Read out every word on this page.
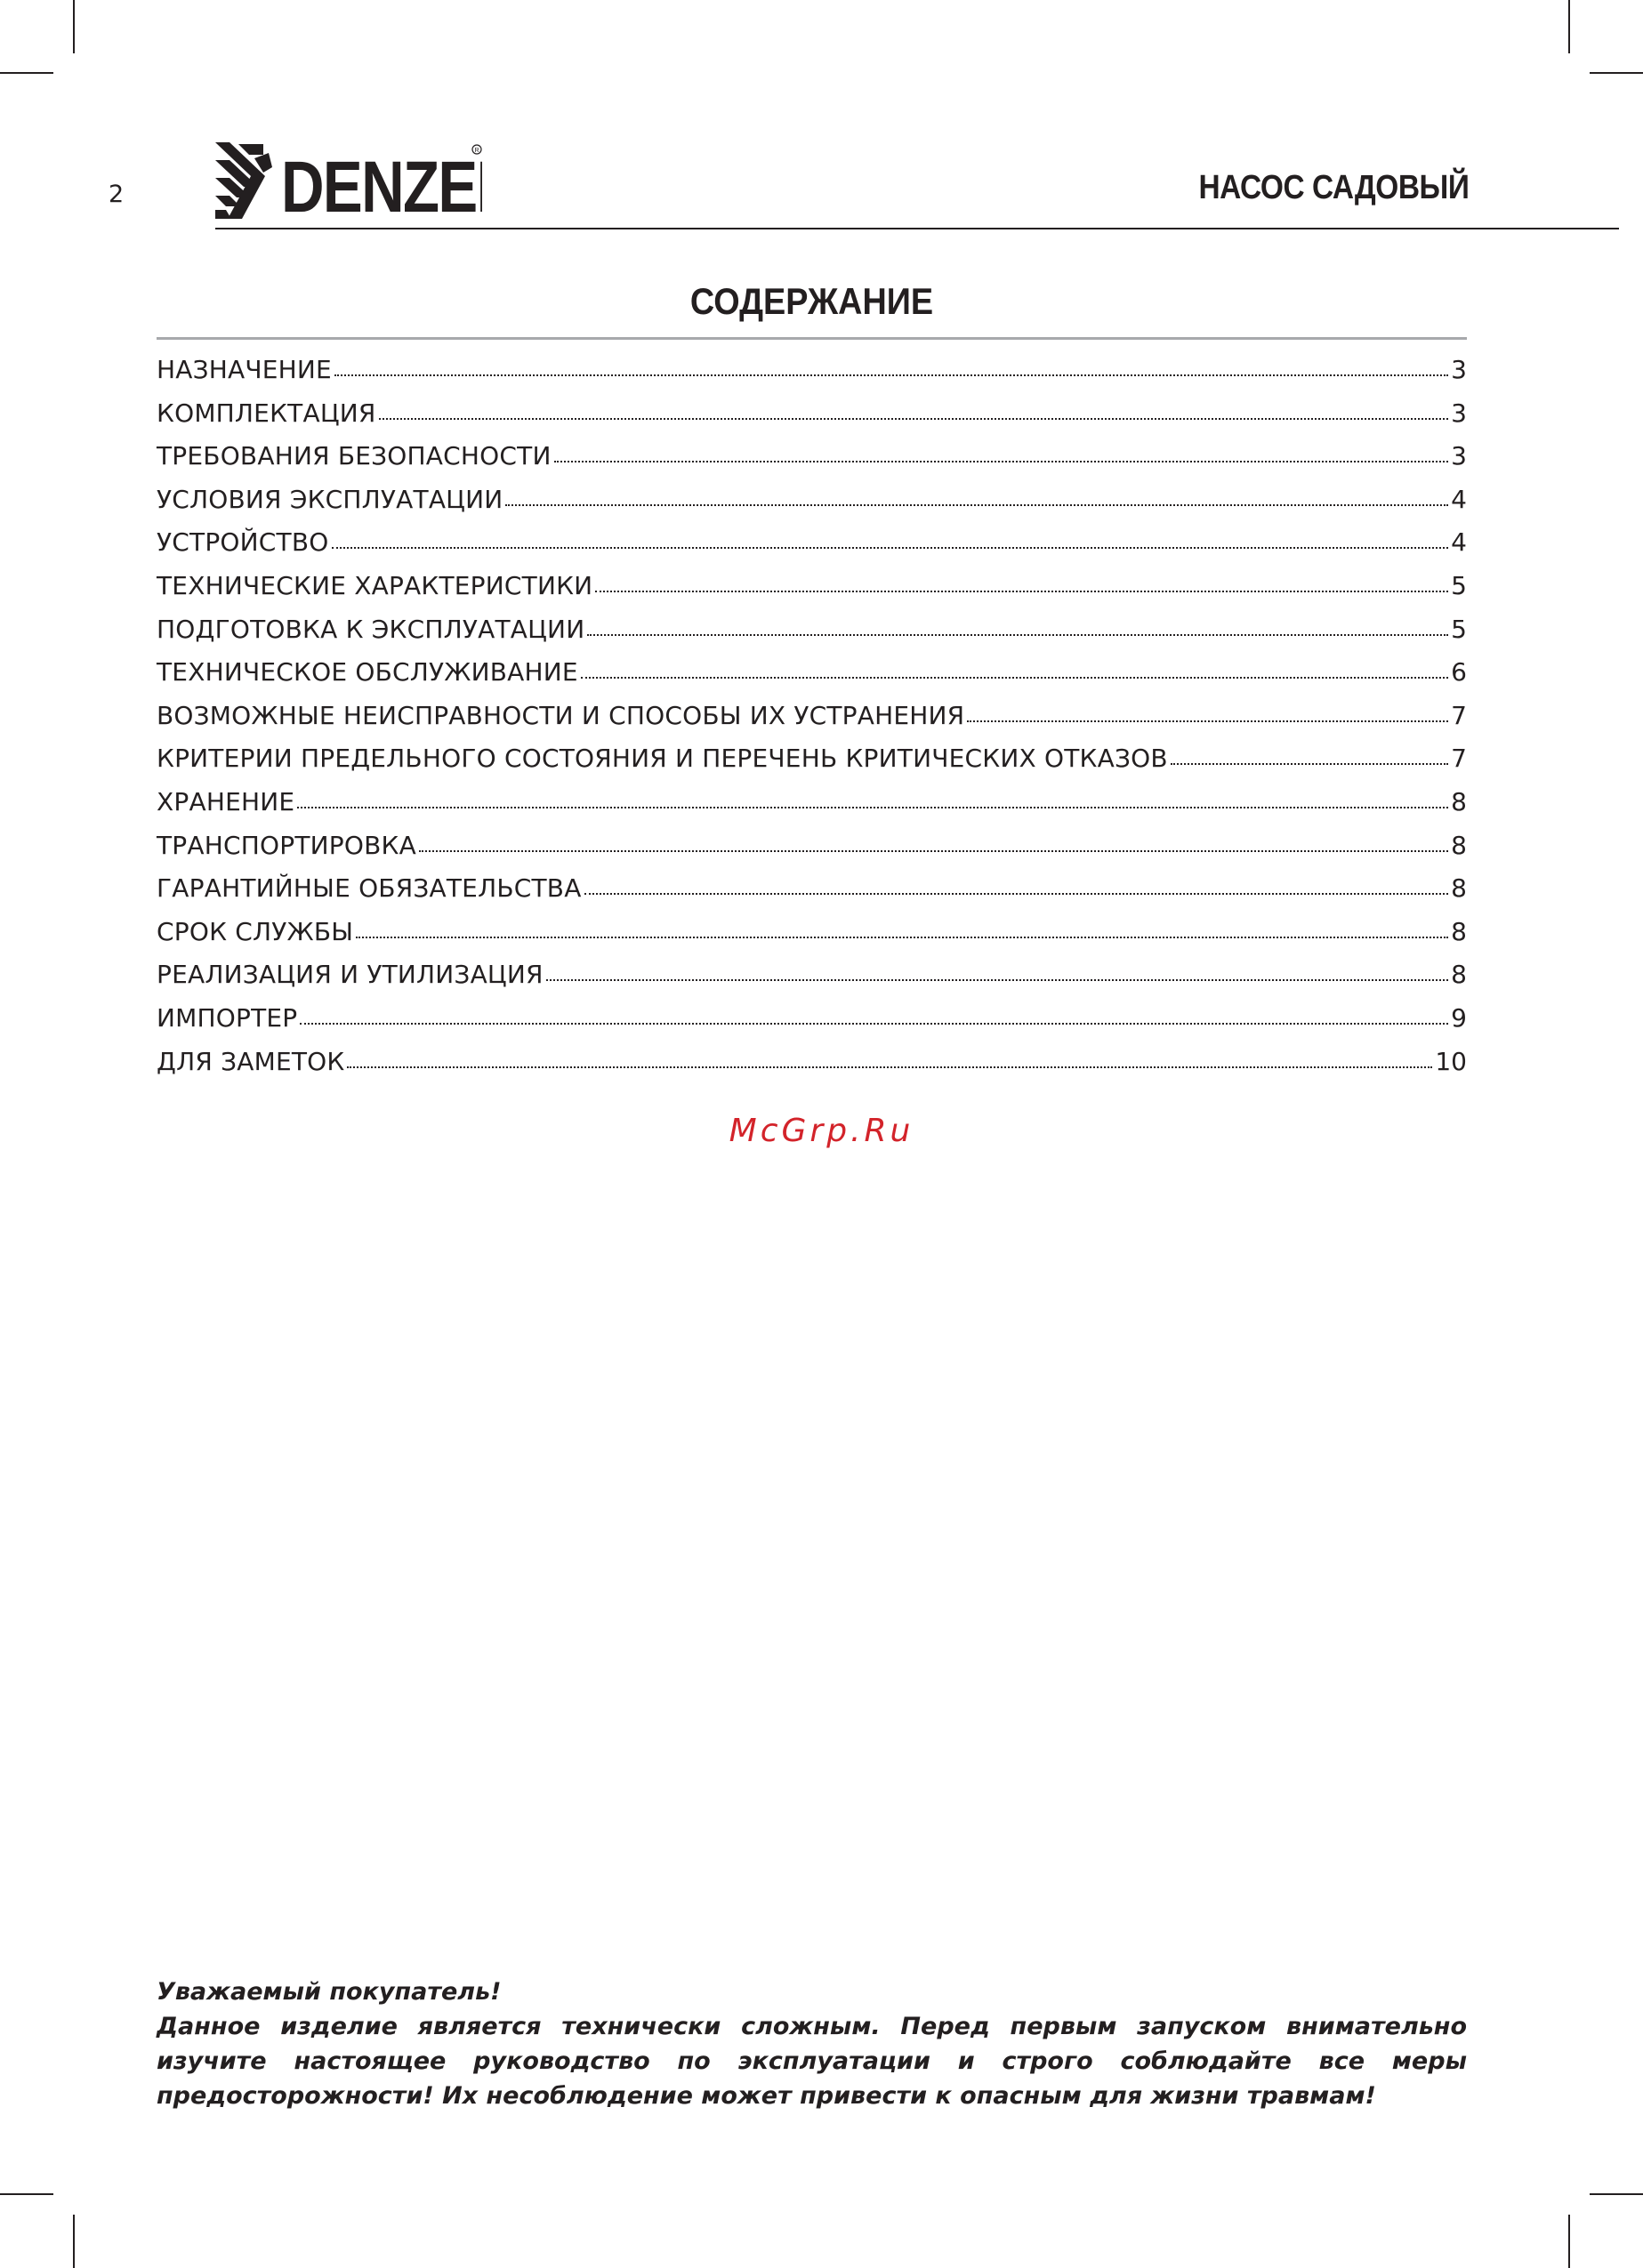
2 DENZE
R
НАСОС САДОВЫЙ
СОДЕРЖАНИЕ
НАЗНАЧЕНИЕ	3
КОМПЛЕКТАЦИЯ	3
ТРЕБОВАНИЯ БЕЗОПАСНОСТИ	3
УСЛОВИЯ ЭКСПЛУАТАЦИИ	4
УСТРОЙСТВО	4
ТЕХНИЧЕСКИЕ ХАРАКТЕРИСТИКИ	5
ПОДГОТОВКА К ЭКСПЛУАТАЦИИ	5
ТЕХНИЧЕСКОЕ ОБСЛУЖИВАНИЕ	6
ВОЗМОЖНЫЕ НЕИСПРАВНОСТИ И СПОСОБЫ ИХ УСТРАНЕНИЯ	7
КРИТЕРИИ ПРЕДЕЛЬНОГО СОСТОЯНИЯ И ПЕРЕЧЕНЬ КРИТИЧЕСКИХ ОТКАЗОВ	7
ХРАНЕНИЕ	8
ТРАНСПОРТИРОВКА	8
ГАРАНТИЙНЫЕ ОБЯЗАТЕЛЬСТВА	8
СРОК СЛУЖБЫ	8
РЕАЛИЗАЦИЯ И УТИЛИЗАЦИЯ	8
ИМПОРТЕР	9
ДЛЯ ЗАМЕТОК	10
McGrp.Ru

Уважаемый покупатель!

Данное изделие является технически сложным. Перед первым запуском внимательно изучите настоящее руководство по эксплуатации и строго соблюдайте все меры предосторожности! Их несоблюдение может привести к опасным для жизни травмам!
